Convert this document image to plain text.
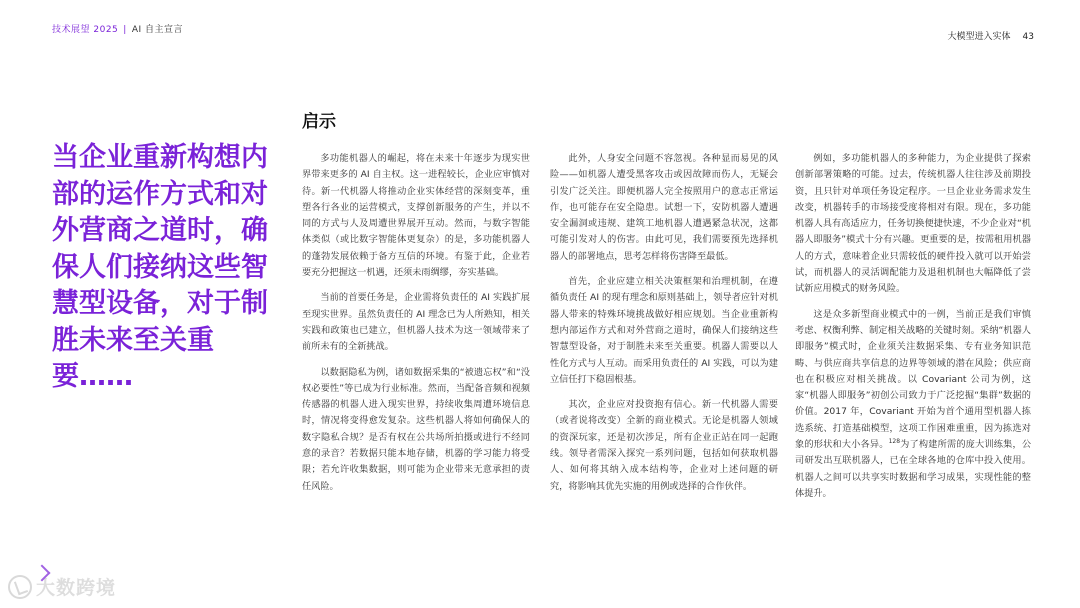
技术展望 2025 | AI 自主宣言
大模型进入实体 43
当企业重新构想内部的运作方式和对外营商之道时，确保人们接纳这些智慧型设备，对于制胜未来至关重要……
启示

多功能机器人的崛起，将在未来十年逐步为现实世界带来更多的 AI 自主权。这一进程较长，企业应审慎对待。新一代机器人将推动企业实体经营的深刻变革，重塑各行各业的运营模式，支撑创新服务的产生，并以不同的方式与人及周遭世界展开互动。然而，与数字智能体类似（或比数字智能体更复杂）的是，多功能机器人的蓬勃发展依赖于备方互信的环境。有鉴于此，企业若要充分把握这一机遇，还须未雨绸缪，夯实基础。

当前的首要任务是，企业需将负责任的 AI 实践扩展至现实世界。虽然负责任的 AI 理念已为人所熟知，相关实践和政策也已建立，但机器人技术为这一领域带来了前所未有的全新挑战。

以数据隐私为例，诸如数据采集的“被遗忘权”和“没权必要性”等已成为行业标准。然而，当配备音频和视频传感器的机器人进入现实世界，持续收集周遭环境信息时，情况将变得愈发复杂。这些机器人将如何确保人的数字隐私合规？是否有权在公共场所拍摄或进行不经同意的录音？若数据只能本地存储，机器的学习能力将受限；若允许收集数据，则可能为企业带来无意承担的责任风险。

此外，人身安全问题不容忽视。各种显而易见的风险——如机器人遭受黑客攻击或因故障而伤人，无疑会引发广泛关注。即便机器人完全按照用户的意志正常运作，也可能存在安全隐患。试想一下，安防机器人遭遇安全漏洞或违规、建筑工地机器人遭遇紧急状况，这都可能引发对人的伤害。由此可见，我们需要预先选择机器人的部署地点，思考怎样将伤害降至最低。

首先，企业应建立相关决策框架和治理机制，在遵循负责任 AI 的现有理念和原则基础上，领导者应针对机器人带来的特殊环境挑战做好相应规划。当企业重新构想内部运作方式和对外营商之道时，确保人们接纳这些智慧型设备，对于制胜未来至关重要。机器人需要以人性化方式与人互动。而采用负责任的 AI 实践，可以为建立信任打下稳固根基。

其次，企业应对投资抱有信心。新一代机器人需要（或者说将改变）全新的商业模式。无论是机器人领域的资深玩家，还是初次涉足，所有企业正站在同一起跑线。领导者需深入探究一系列问题，包括如何获取机器人、如何将其纳入成本结构等，企业对上述问题的研究，将影响其优先实施的用例或选择的合作伙伴。

例如，多功能机器人的多种能力，为企业提供了探索创新部署策略的可能。过去，传统机器人往往涉及前期投资，且只针对单项任务设定程序。一旦企业业务需求发生改变，机器转手的市场接受度将相对有限。现在，多功能机器人具有高适应力，任务切换便捷快速，不少企业对“机器人即服务”模式十分有兴趣。更重要的是，按需租用机器人的方式，意味着企业只需较低的硬件投入就可以开始尝试，而机器人的灵活调配能力及退租机制也大幅降低了尝试新应用模式的财务风险。

这是众多新型商业模式中的一例，当前正是我们审慎考虑、权衡利弊、制定相关战略的关键时刻。采纳“机器人即服务”模式时，企业须关注数据采集、专有业务知识范畴、与供应商共享信息的边界等领域的潜在风险；供应商也在积极应对相关挑战。以 Covariant 公司为例，这家“机器人即服务”初创公司致力于广泛挖掘“集群”数据的价值。2017 年，Covariant 开始为首个通用型机器人拣选系统、打造基础模型，这项工作困难重重，因为拣选对象的形状和大小各异。$^{128}$为了构建所需的庞大训练集，公司研发出互联机器人，已在全球各地的仓库中投入使用。机器人之间可以共享实时数据和学习成果，实现性能的整体提升。

大数跨境
